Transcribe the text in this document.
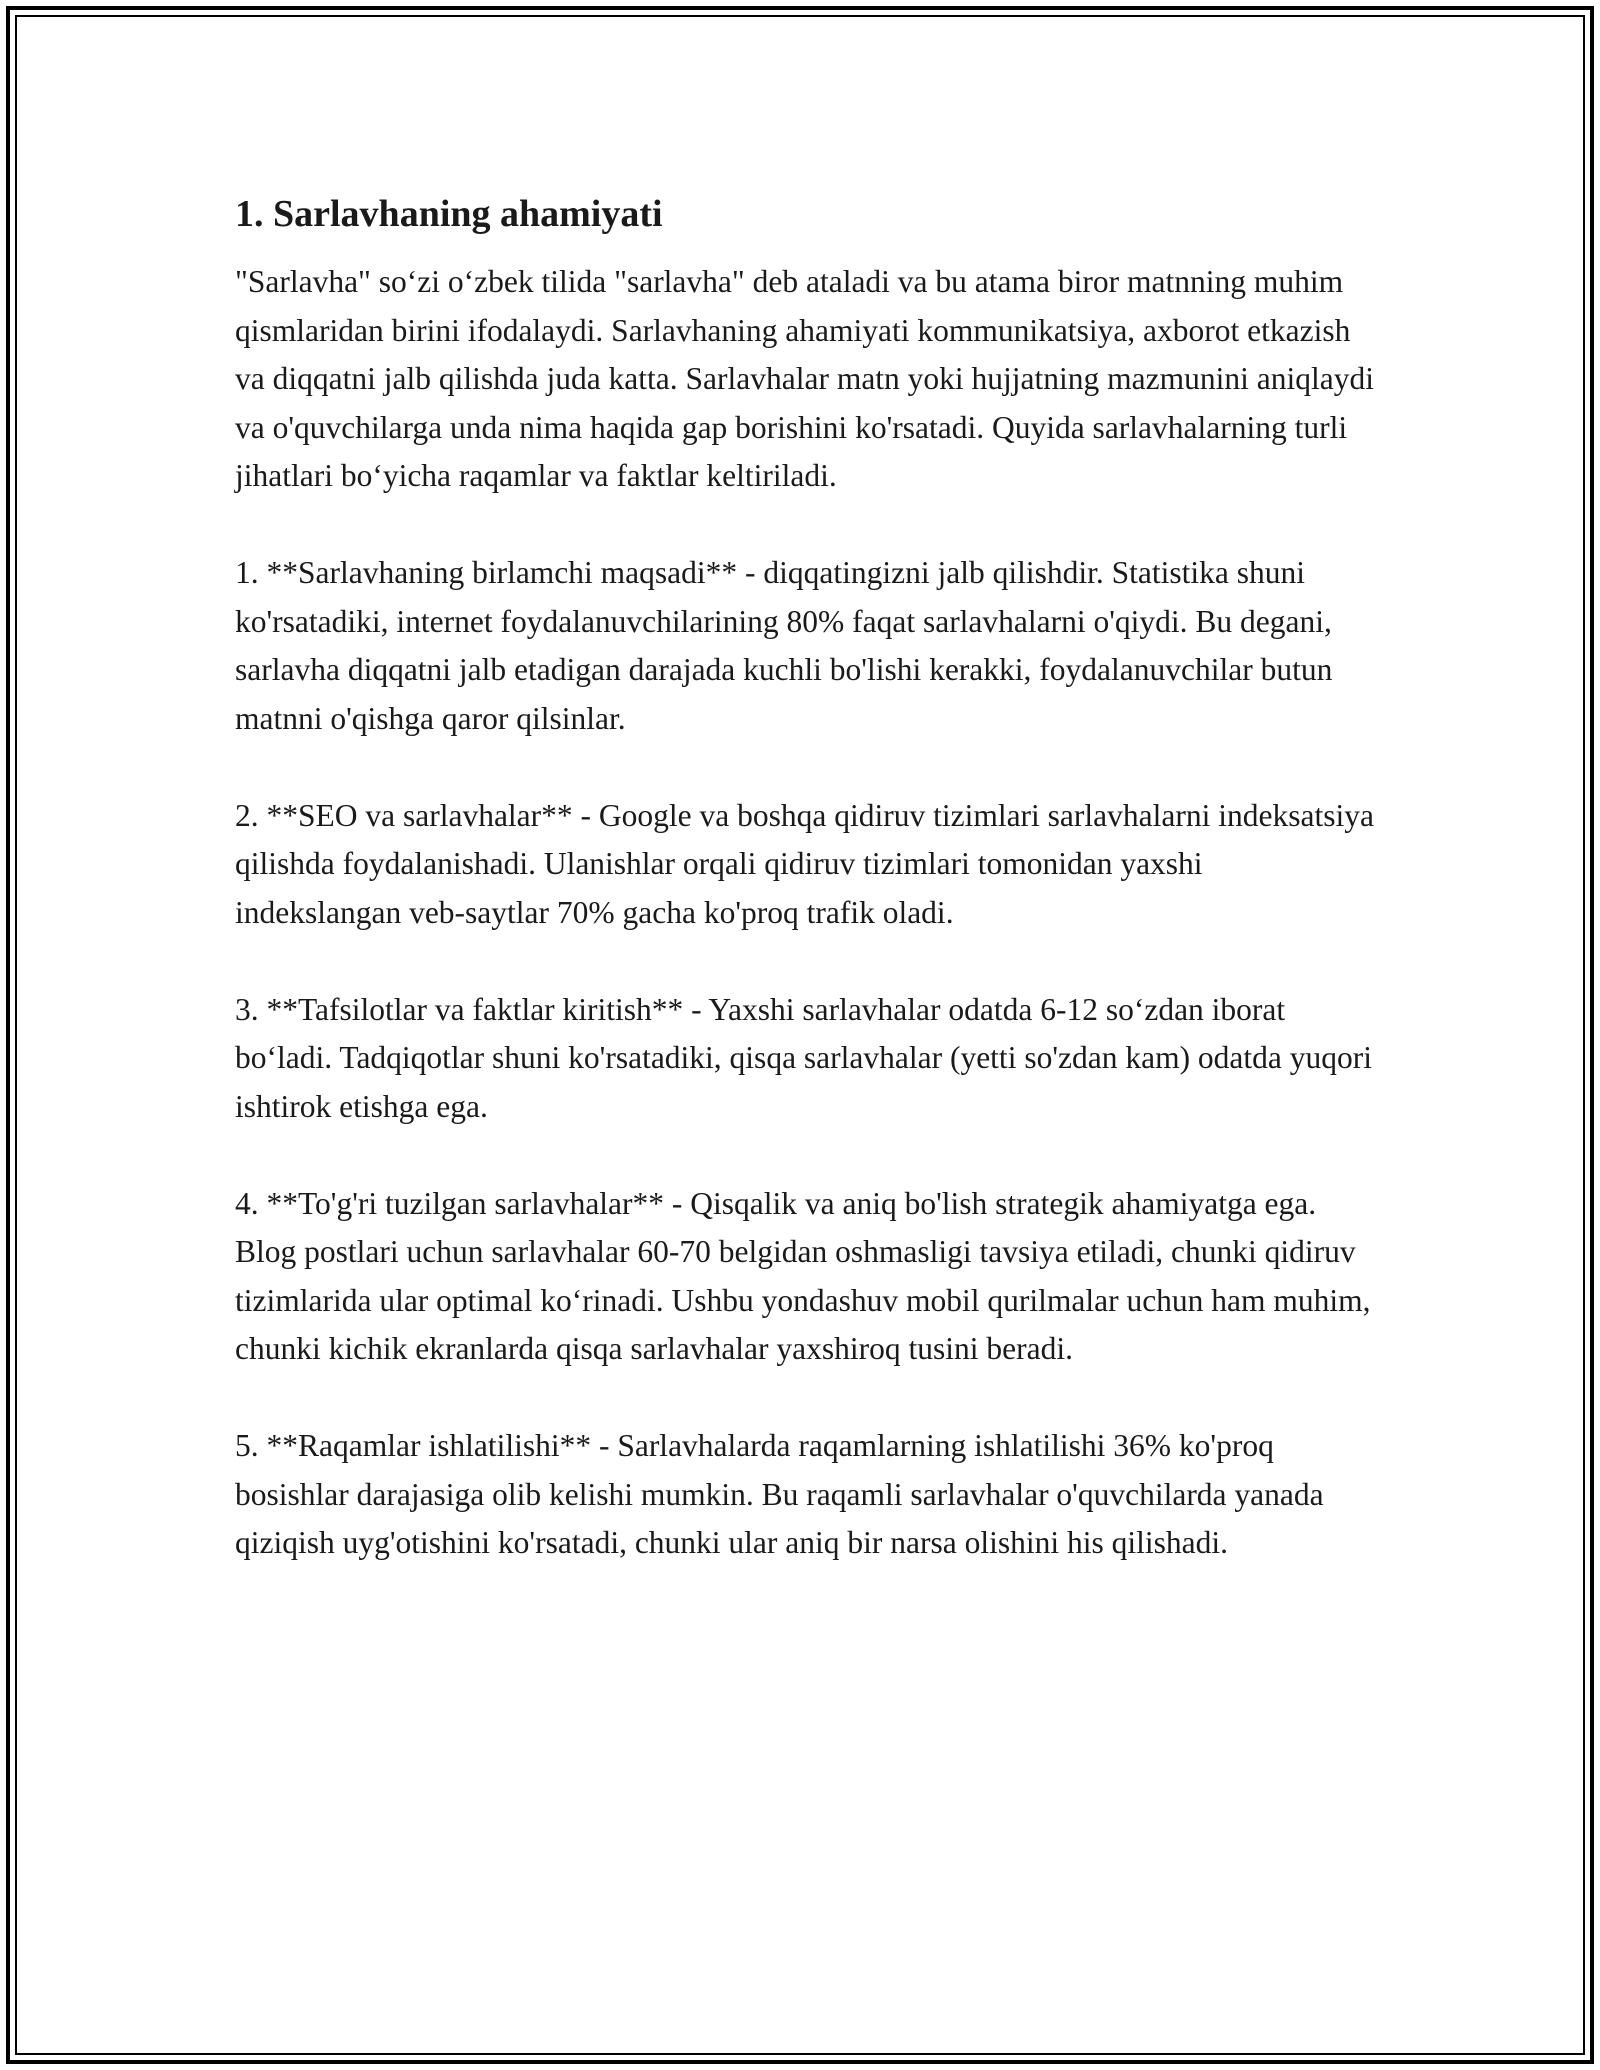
1. Sarlavhaning ahamiyati

"Sarlavha" so‘zi o‘zbek tilida "sarlavha" deb ataladi va bu atama biror matnning muhim qismlaridan birini ifodalaydi. Sarlavhaning ahamiyati kommunikatsiya, axborot etkazish va diqqatni jalb qilishda juda katta. Sarlavhalar matn yoki hujjatning mazmunini aniqlaydi va o'quvchilarga unda nima haqida gap borishini ko'rsatadi. Quyida sarlavhalarning turli jihatlari bo‘yicha raqamlar va faktlar keltiriladi.

1. **Sarlavhaning birlamchi maqsadi** - diqqatingizni jalb qilishdir. Statistika shuni ko'rsatadiki, internet foydalanuvchilarining 80% faqat sarlavhalarni o'qiydi. Bu degani, sarlavha diqqatni jalb etadigan darajada kuchli bo'lishi kerakki, foydalanuvchilar butun matnni o'qishga qaror qilsinlar.

2. **SEO va sarlavhalar** - Google va boshqa qidiruv tizimlari sarlavhalarni indeksatsiya qilishda foydalanishadi. Ulanishlar orqali qidiruv tizimlari tomonidan yaxshi indekslangan veb-saytlar 70% gacha ko'proq trafik oladi.

3. **Tafsilotlar va faktlar kiritish** - Yaxshi sarlavhalar odatda 6-12 so‘zdan iborat bo‘ladi. Tadqiqotlar shuni ko'rsatadiki, qisqa sarlavhalar (yetti so'zdan kam) odatda yuqori ishtirok etishga ega.

4. **To'g'ri tuzilgan sarlavhalar** - Qisqalik va aniq bo'lish strategik ahamiyatga ega. Blog postlari uchun sarlavhalar 60-70 belgidan oshmasligi tavsiya etiladi, chunki qidiruv tizimlarida ular optimal ko‘rinadi. Ushbu yondashuv mobil qurilmalar uchun ham muhim, chunki kichik ekranlarda qisqa sarlavhalar yaxshiroq tusini beradi.

5. **Raqamlar ishlatilishi** - Sarlavhalarda raqamlarning ishlatilishi 36% ko'proq bosishlar darajasiga olib kelishi mumkin. Bu raqamli sarlavhalar o'quvchilarda yanada qiziqish uyg'otishini ko'rsatadi, chunki ular aniq bir narsa olishini his qilishadi.
